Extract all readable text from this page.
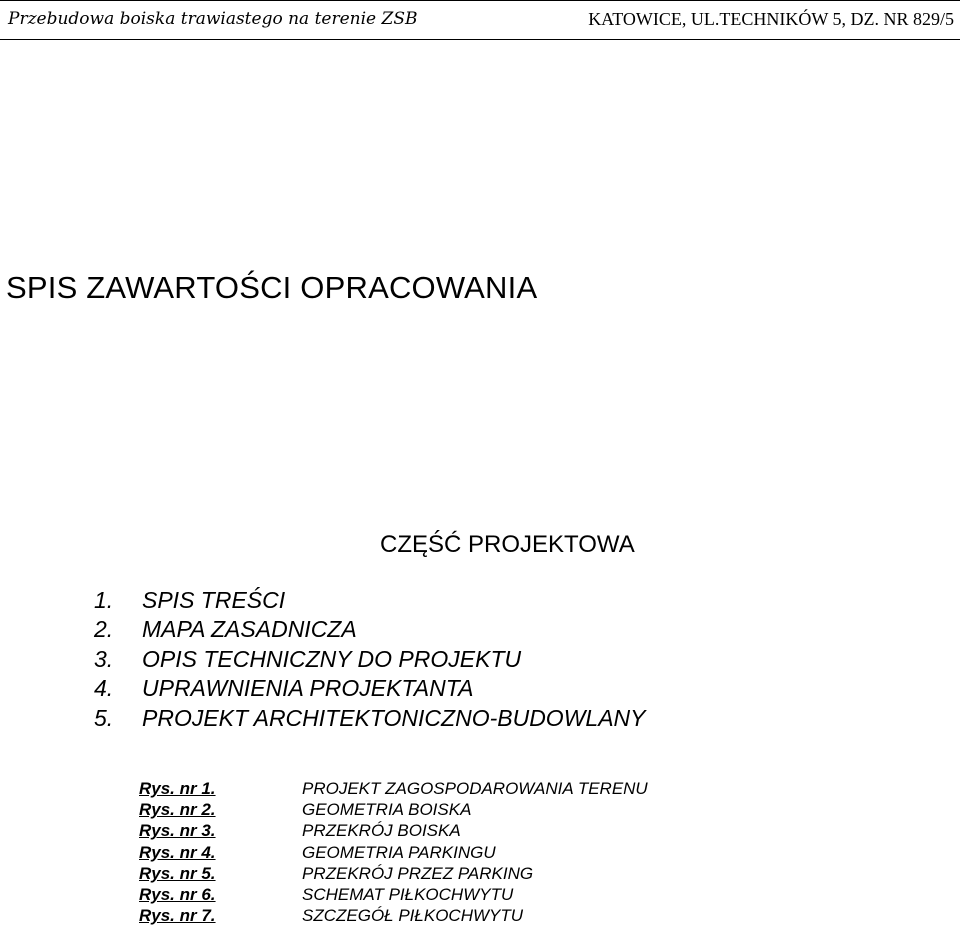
Przebudowa boiska trawiastego na terenie ZSB	KATOWICE, UL.TECHNIKÓW 5, DZ. NR 829/5
SPIS ZAWARTOŚCI OPRACOWANIA
CZĘŚĆ PROJEKTOWA
1. SPIS TREŚCI
2. MAPA ZASADNICZA
3. OPIS TECHNICZNY DO PROJEKTU
4. UPRAWNIENIA PROJEKTANTA
5. PROJEKT ARCHITEKTONICZNO-BUDOWLANY
Rys. nr 1.	PROJEKT ZAGOSPODAROWANIA TERENU
Rys. nr 2.	GEOMETRIA BOISKA
Rys. nr 3.	PRZEKRÓJ BOISKA
Rys. nr 4.	GEOMETRIA PARKINGU
Rys. nr 5.	PRZEKRÓJ PRZEZ PARKING
Rys. nr 6.	SCHEMAT PIŁKOCHWYTU
Rys. nr 7.	SZCZEGÓŁ PIŁKOCHWYTU
